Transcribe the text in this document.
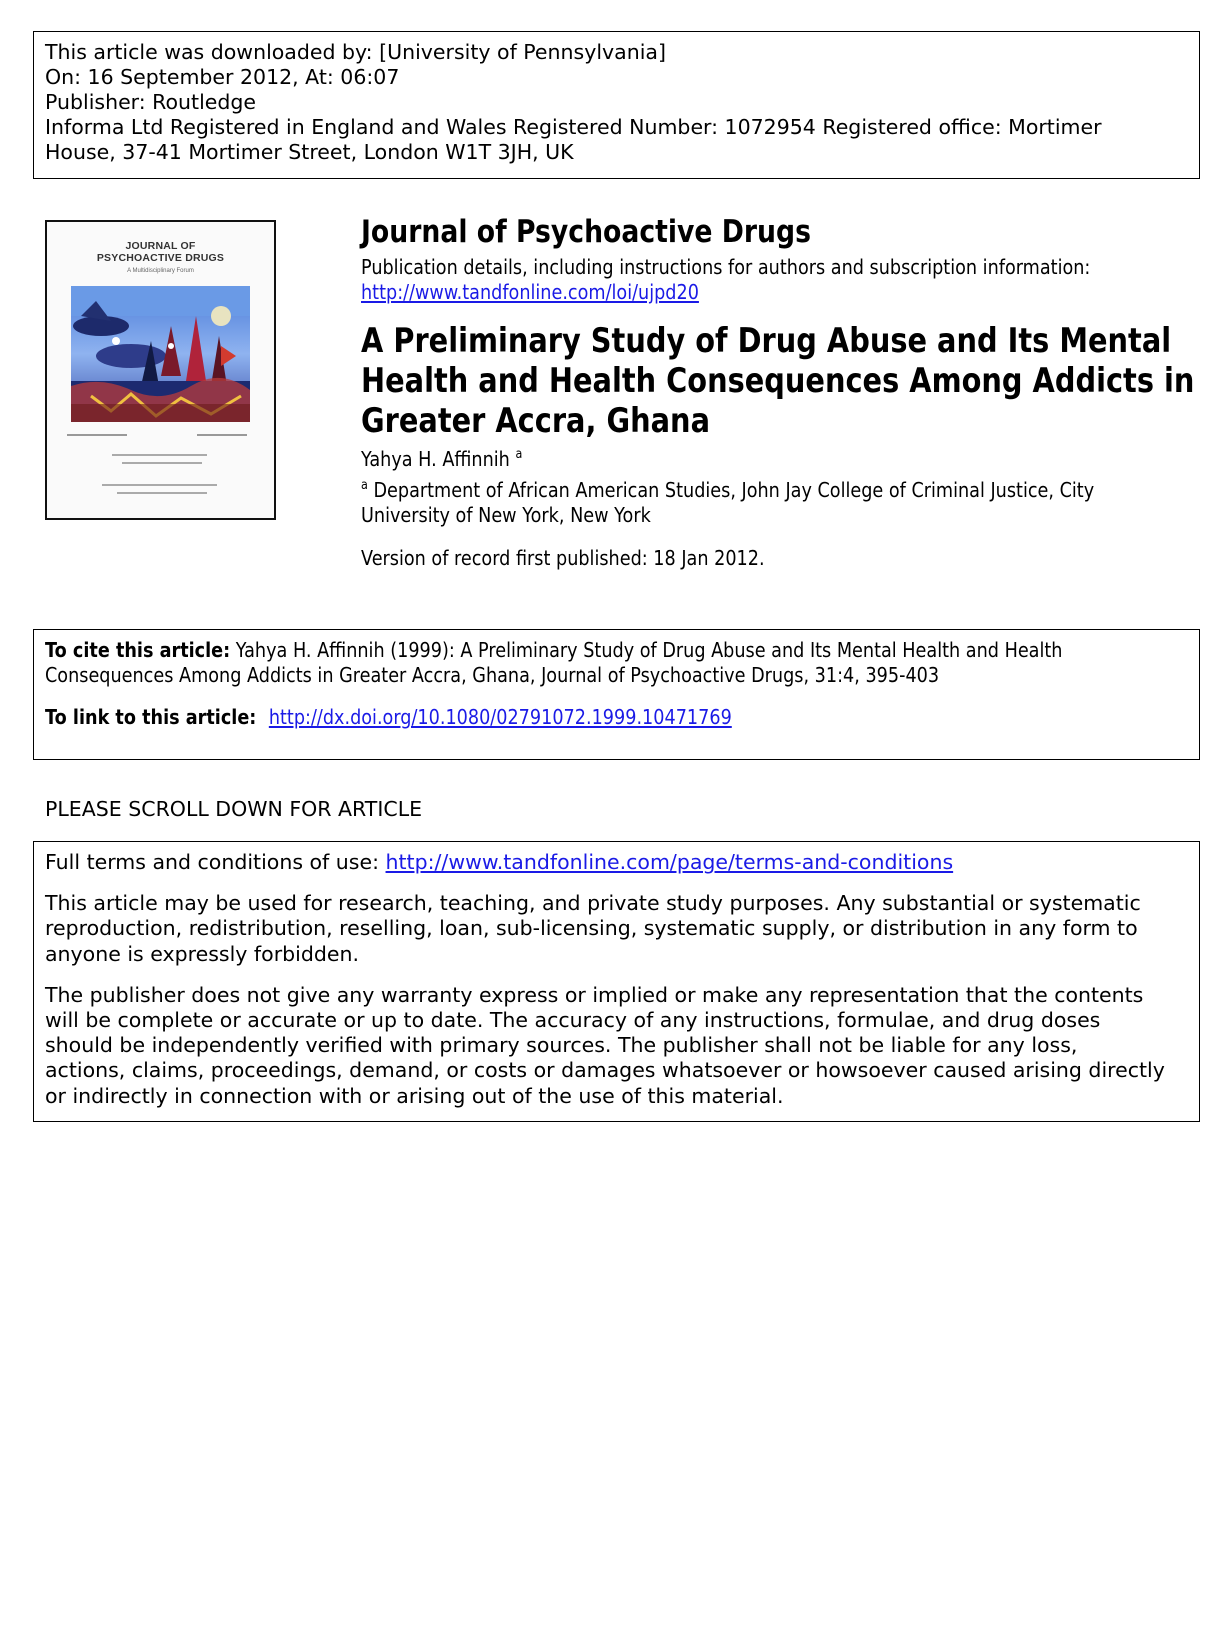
This article was downloaded by: [University of Pennsylvania]
On: 16 September 2012, At: 06:07
Publisher: Routledge
Informa Ltd Registered in England and Wales Registered Number: 1072954 Registered office: Mortimer
House, 37-41 Mortimer Street, London W1T 3JH, UK
JOURNAL OF
PSYCHOACTIVE DRUGS
A Multidisciplinary Forum
Journal of Psychoactive Drugs
Publication details, including instructions for authors and subscription information:
http://www.tandfonline.com/loi/ujpd20
A Preliminary Study of Drug Abuse and Its Mental
Health and Health Consequences Among Addicts in
Greater Accra, Ghana
Yahya H. Affinnih $^a$
$^a$ Department of African American Studies, John Jay College of Criminal Justice, City
University of New York, New York
Version of record first published: 18 Jan 2012.
To cite this article: Yahya H. Affinnih (1999): A Preliminary Study of Drug Abuse and Its Mental Health and Health
Consequences Among Addicts in Greater Accra, Ghana, Journal of Psychoactive Drugs, 31:4, 395-403
To link to this article: http://dx.doi.org/10.1080/02791072.1999.10471769
PLEASE SCROLL DOWN FOR ARTICLE

Full terms and conditions of use: http://www.tandfonline.com/page/terms-and-conditions

This article may be used for research, teaching, and private study purposes. Any substantial or systematic
reproduction, redistribution, reselling, loan, sub-licensing, systematic supply, or distribution in any form to
anyone is expressly forbidden.

The publisher does not give any warranty express or implied or make any representation that the contents
will be complete or accurate or up to date. The accuracy of any instructions, formulae, and drug doses
should be independently verified with primary sources. The publisher shall not be liable for any loss,
actions, claims, proceedings, demand, or costs or damages whatsoever or howsoever caused arising directly
or indirectly in connection with or arising out of the use of this material.
